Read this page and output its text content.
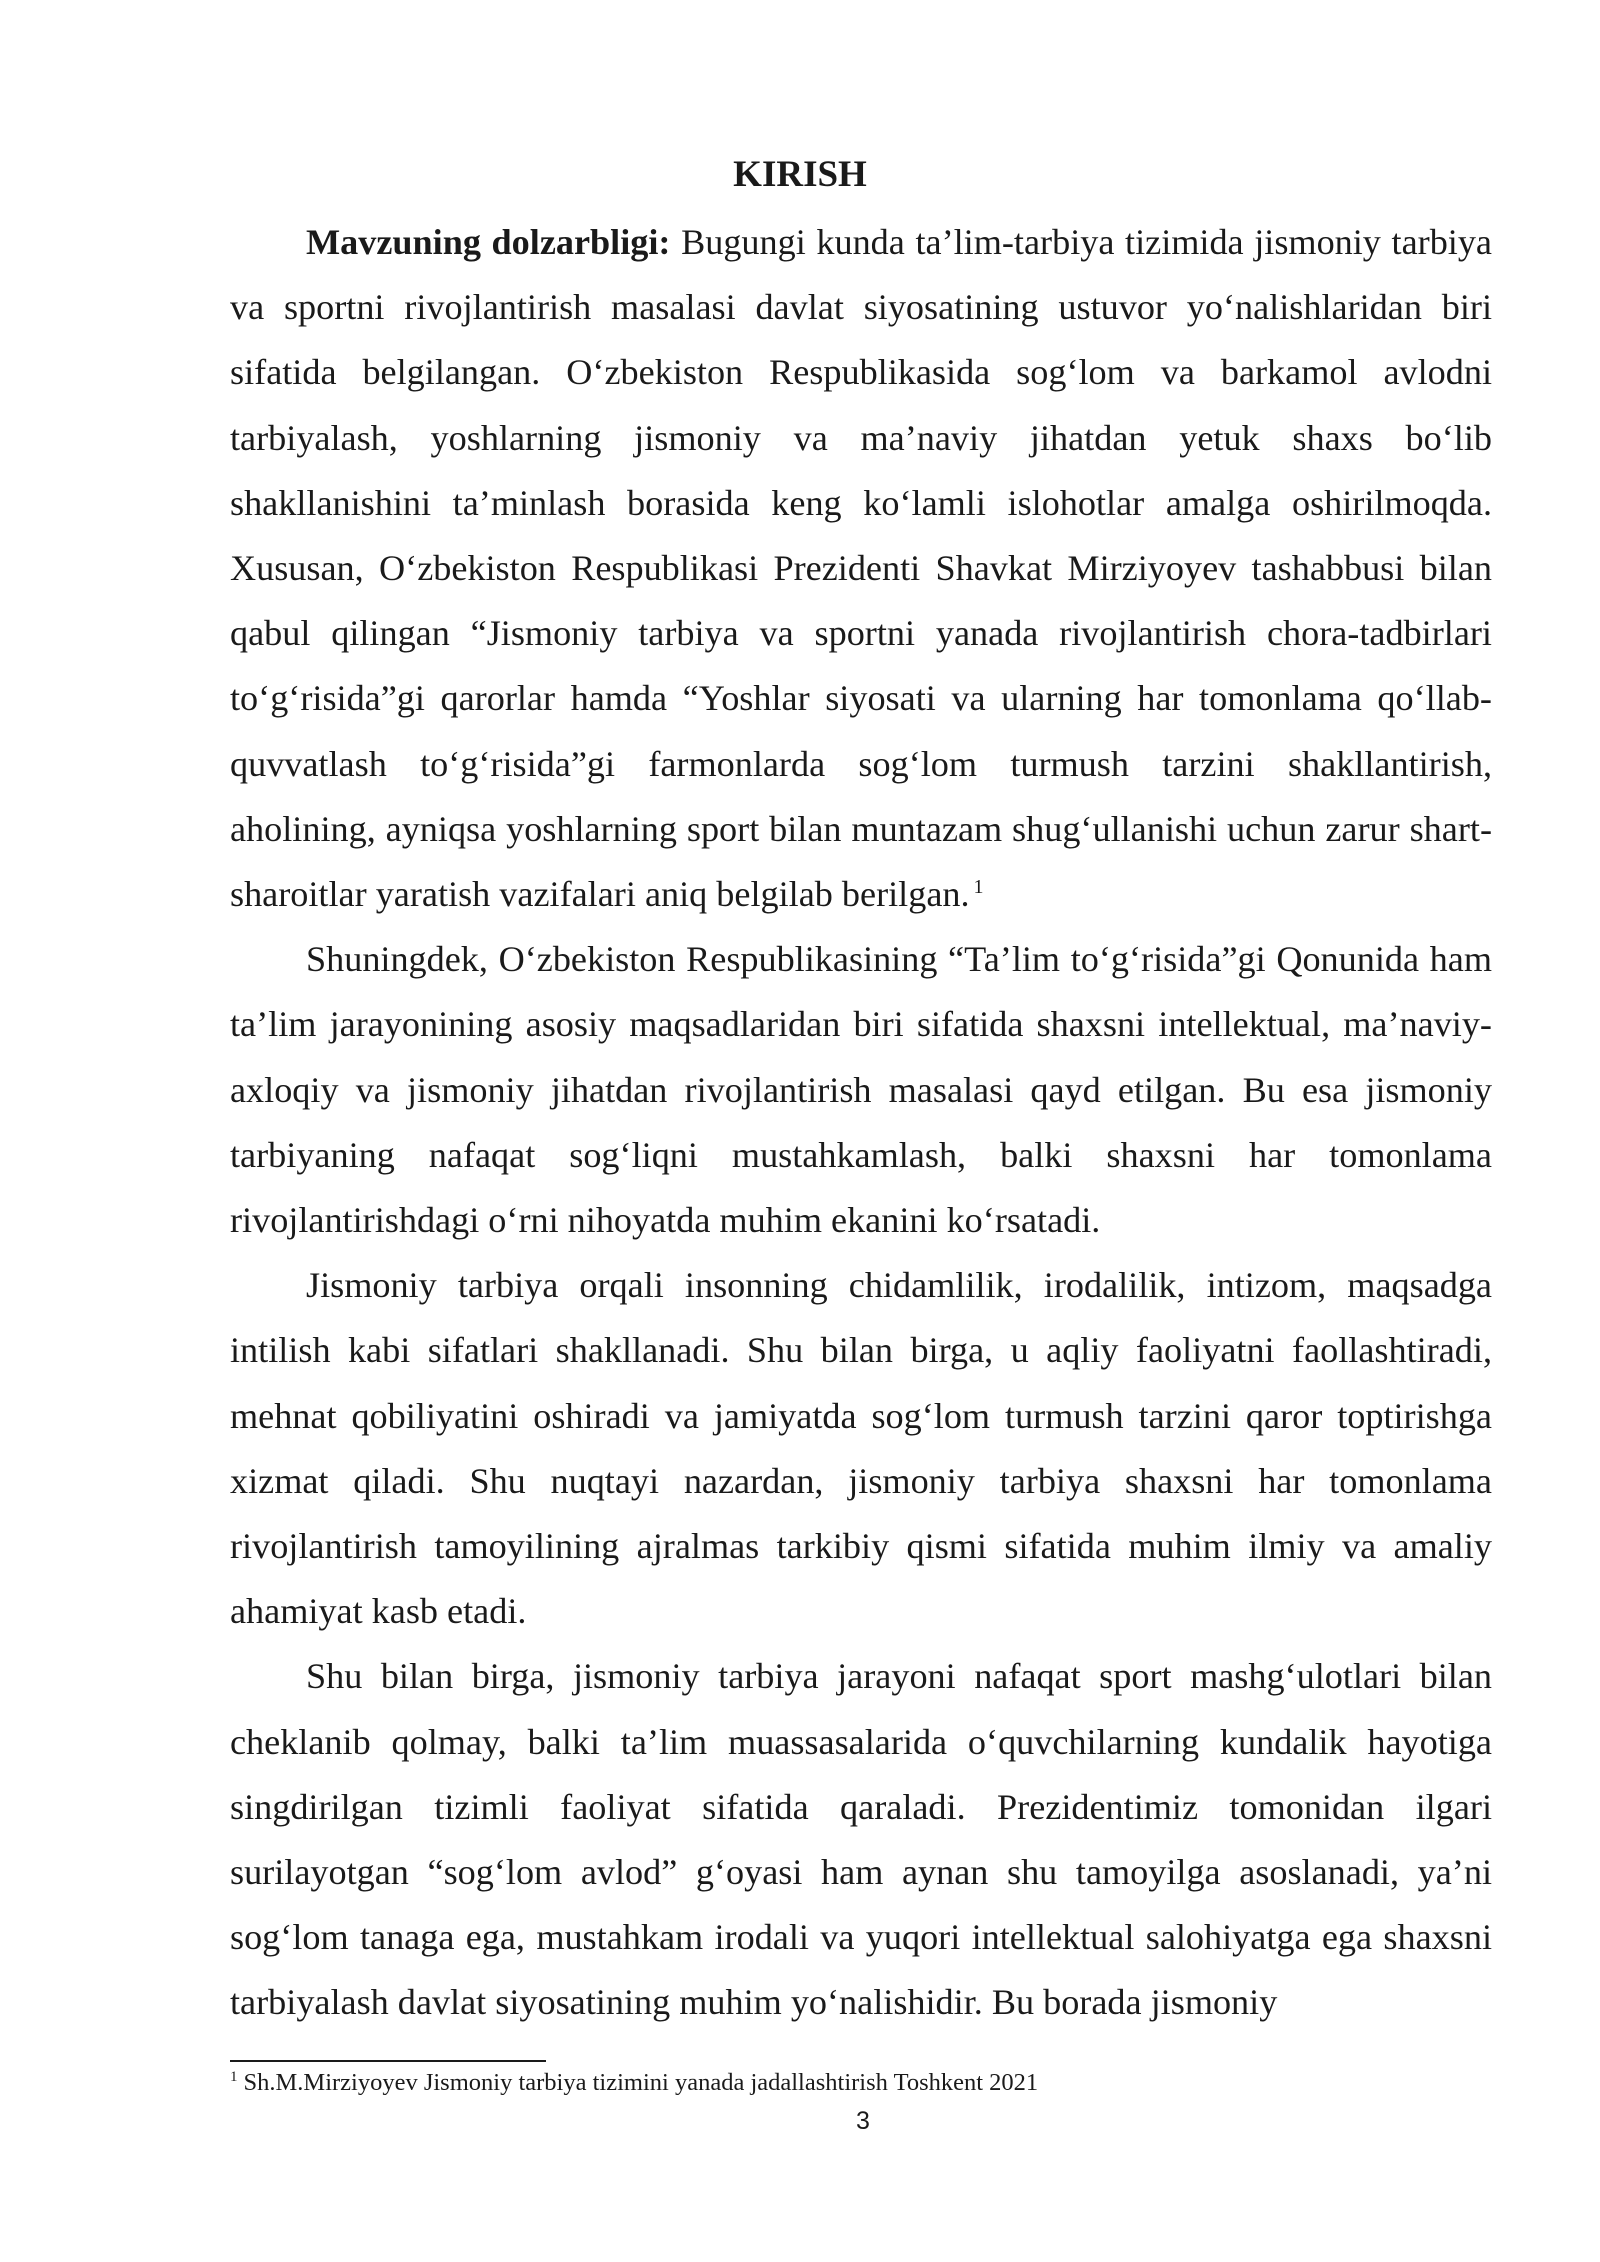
KIRISH

Mavzuning dolzarbligi: Bugungi kunda ta’lim-tarbiya tizimida jismoniy tarbiya va sportni rivojlantirish masalasi davlat siyosatining ustuvor yo‘nalishlaridan biri sifatida belgilangan. O‘zbekiston Respublikasida sog‘lom va barkamol avlodni tarbiyalash, yoshlarning jismoniy va ma’naviy jihatdan yetuk shaxs bo‘lib shakllanishini ta’minlash borasida keng ko‘lamli islohotlar amalga oshirilmoqda. Xususan, O‘zbekiston Respublikasi Prezidenti Shavkat Mirziyoyev tashabbusi bilan qabul qilingan “Jismoniy tarbiya va sportni yanada rivojlantirish chora-tadbirlari to‘g‘risida”gi qarorlar hamda “Yoshlar siyosati va ularning har tomonlama qo‘llab-quvvatlash to‘g‘risida”gi farmonlarda sog‘lom turmush tarzini shakllantirish, aholining, ayniqsa yoshlarning sport bilan muntazam shug‘ullanishi uchun zarur shart-sharoitlar yaratish vazifalari aniq belgilab berilgan. $^1$

Shuningdek, O‘zbekiston Respublikasining “Ta’lim to‘g‘risida”gi Qonunida ham ta’lim jarayonining asosiy maqsadlaridan biri sifatida shaxsni intellektual, ma’naviy-axloqiy va jismoniy jihatdan rivojlantirish masalasi qayd etilgan. Bu esa jismoniy tarbiyaning nafaqat sog‘liqni mustahkamlash, balki shaxsni har tomonlama rivojlantirishdagi o‘rni nihoyatda muhim ekanini ko‘rsatadi.

Jismoniy tarbiya orqali insonning chidamlilik, irodalilik, intizom, maqsadga intilish kabi sifatlari shakllanadi. Shu bilan birga, u aqliy faoliyatni faollashtiradi, mehnat qobiliyatini oshiradi va jamiyatda sog‘lom turmush tarzini qaror toptirishga xizmat qiladi. Shu nuqtayi nazardan, jismoniy tarbiya shaxsni har tomonlama rivojlantirish tamoyilining ajralmas tarkibiy qismi sifatida muhim ilmiy va amaliy ahamiyat kasb etadi.

Shu bilan birga, jismoniy tarbiya jarayoni nafaqat sport mashg‘ulotlari bilan cheklanib qolmay, balki ta’lim muassasalarida o‘quvchilarning kundalik hayotiga singdirilgan tizimli faoliyat sifatida qaraladi. Prezidentimiz tomonidan ilgari surilayotgan “sog‘lom avlod” g‘oyasi ham aynan shu tamoyilga asoslanadi, ya’ni sog‘lom tanaga ega, mustahkam irodali va yuqori intellektual salohiyatga ega shaxsni tarbiyalash davlat siyosatining muhim yo‘nalishidir. Bu borada jismoniy

$^1$ Sh.M.Mirziyoyev Jismoniy tarbiya tizimini yanada jadallashtirish Toshkent 2021

3
